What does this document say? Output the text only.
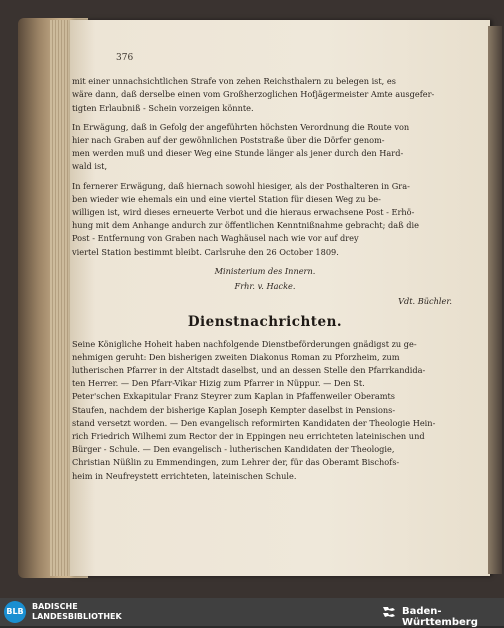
376
mit einer unnachsichtlichen Strafe von zehen Reichsthalern zu belegen ist, es
wäre dann, daß derselbe einen vom Großherzoglichen Hofjägermeister Amte ausgefer-
tigten Erlaubniß - Schein vorzeigen könnte.
In Erwägung, daß in Gefolg der angeführten höchsten Verordnung die Route von
hier nach Graben auf der gewöhnlichen Poststraße über die Dörfer genom-
men werden muß und dieser Weg eine Stunde länger als jener durch den Hard-
wald ist,
In fernerer Erwägung, daß hiernach sowohl hiesiger, als der Posthalteren in Gra-
ben wieder wie ehemals ein und eine viertel Station für diesen Weg zu be-
willigen ist, wird dieses erneuerte Verbot und die hieraus erwachsene Post - Erhö-
hung mit dem Anhange andurch zur öffentlichen Kenntnißnahme gebracht; daß die
Post - Entfernung von Graben nach Waghäusel nach wie vor auf drey
viertel Station bestimmt bleibt. Carlsruhe den 26 October 1809.
Ministerium des Innern.
Frhr. v. Hacke.
Vdt. Büchler.
Dienstnachrichten.
Seine Königliche Hoheit haben nachfolgende Dienstbeförderungen gnädigst zu ge-
nehmigen geruht: Den bisherigen zweiten Diakonus Roman zu Pforzheim, zum
lutherischen Pfarrer in der Altstadt daselbst, und an dessen Stelle den Pfarrkandida-
ten Herrer. — Den Pfarr-Vikar Hizig zum Pfarrer in Nüppur. — Den St.
Peter'schen Exkapitular Franz Steyrer zum Kaplan in Pfaffenweiler Oberamts
Staufen, nachdem der bisherige Kaplan Joseph Kempter daselbst in Pensions-
stand versetzt worden. — Den evangelisch reformirten Kandidaten der Theologie Hein-
rich Friedrich Wilhemi zum Rector der in Eppingen neu errichteten lateinischen und
Bürger - Schule. — Den evangelisch - lutherischen Kandidaten der Theologie,
Christian Nüßlin zu Emmendingen, zum Lehrer der, für das Oberamt Bischofs-
heim in Neufreystett errichteten, lateinischen Schule.
BLB
BADISCHE
LANDESBIBLIOTHEK	Baden-Württemberg
